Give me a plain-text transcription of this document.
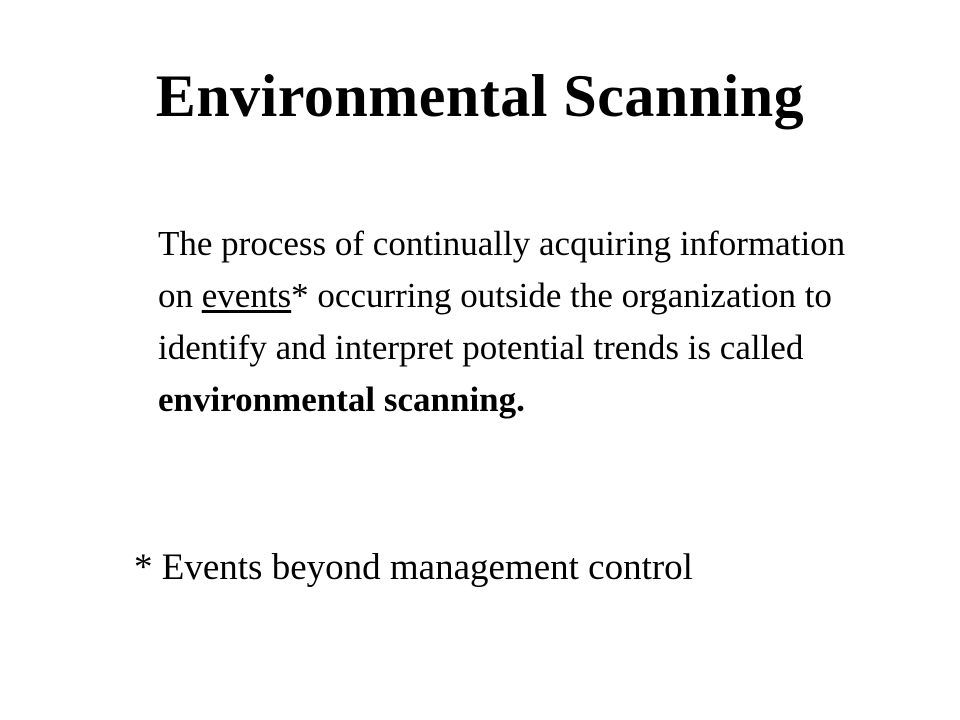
Environmental Scanning
The process of continually acquiring information on events* occurring outside the organization to identify and interpret potential trends is called environmental scanning.
* Events beyond management control
